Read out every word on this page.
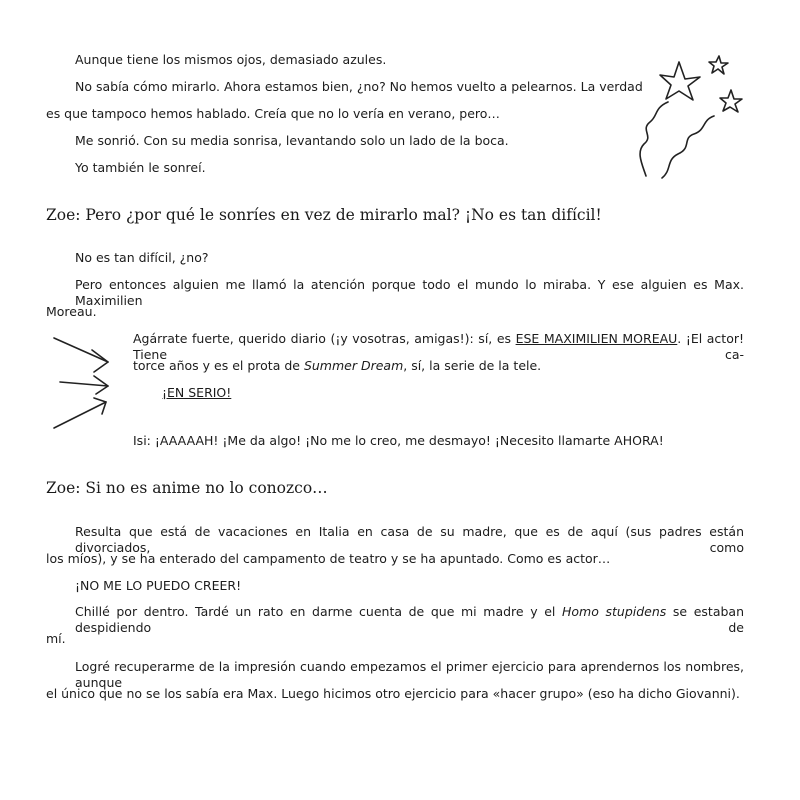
Aunque tiene los mismos ojos, demasiado azules.
No sabía cómo mirarlo. Ahora estamos bien, ¿no? No hemos vuelto a pelearnos. La verdad
es que tampoco hemos hablado. Creía que no lo vería en verano, pero…
Me sonrió. Con su media sonrisa, levantando solo un lado de la boca.
Yo también le sonreí.
Zoe: Pero ¿por qué le sonríes en vez de mirarlo mal? ¡No es tan difícil!
No es tan difícil, ¿no?
Pero entonces alguien me llamó la atención porque todo el mundo lo miraba. Y ese alguien es Max. Maximilien
Moreau.
Agárrate fuerte, querido diario (¡y vosotras, amigas!): sí, es ESE MAXIMILIEN MOREAU. ¡El actor! Tiene ca-
torce años y es el prota de Summer Dream, sí, la serie de la tele.
¡EN SERIO!
Isi: ¡AAAAAH! ¡Me da algo! ¡No me lo creo, me desmayo! ¡Necesito llamarte AHORA!
Zoe: Si no es anime no lo conozco…
Resulta que está de vacaciones en Italia en casa de su madre, que es de aquí (sus padres están divorciados, como
los míos), y se ha enterado del campamento de teatro y se ha apuntado. Como es actor…
¡NO ME LO PUEDO CREER!
Chillé por dentro. Tardé un rato en darme cuenta de que mi madre y el Homo stupidens se estaban despidiendo de
mí.
Logré recuperarme de la impresión cuando empezamos el primer ejercicio para aprendernos los nombres, aunque
el único que no se los sabía era Max. Luego hicimos otro ejercicio para «hacer grupo» (eso ha dicho Giovanni).
